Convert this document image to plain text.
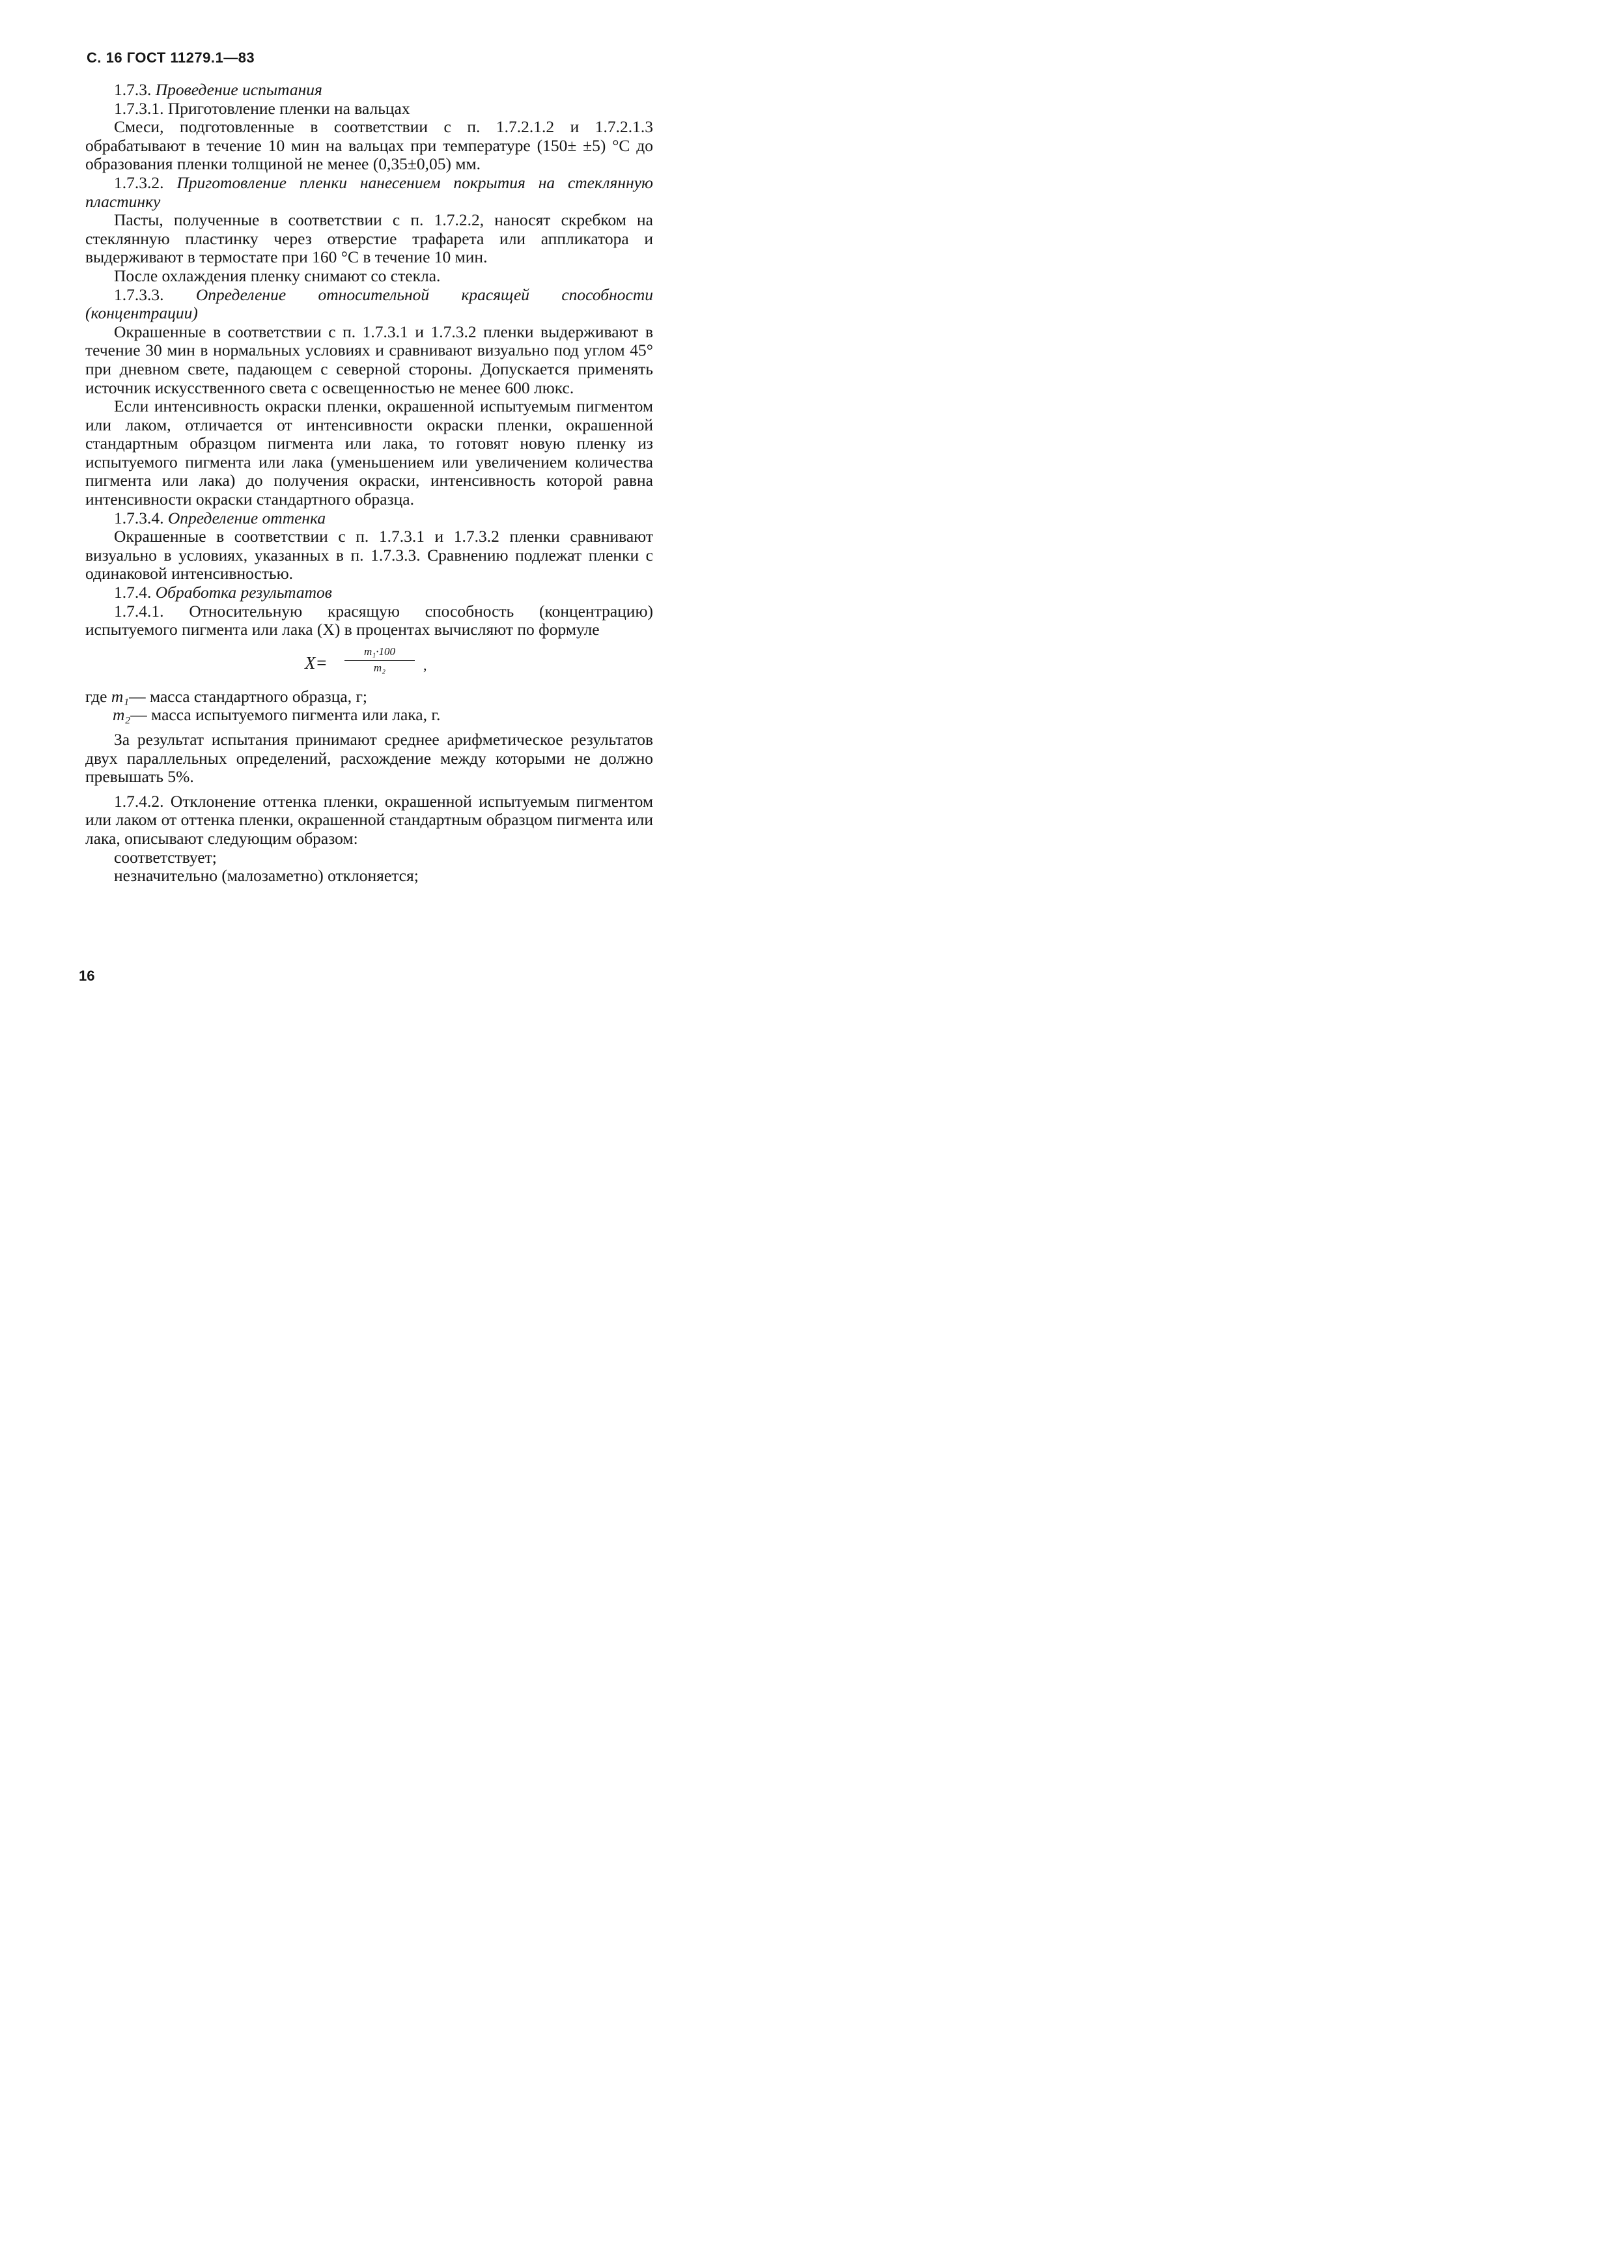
С. 16 ГОСТ 11279.1—83

1.7.3. Проведение испытания

1.7.3.1. Приготовление пленки на вальцах

Смеси, подготовленные в соответствии с п. 1.7.2.1.2 и 1.7.2.1.3 обрабатывают в течение 10 мин на вальцах при температуре (150± ±5) °С до образования пленки толщиной не менее (0,35±0,05) мм.

1.7.3.2. Приготовление пленки нанесением покрытия на стеклянную пластинку

Пасты, полученные в соответствии с п. 1.7.2.2, наносят скребком на стеклянную пластинку через отверстие трафарета или аппликатора и выдерживают в термостате при 160 °С в течение 10 мин.

После охлаждения пленку снимают со стекла.

1.7.3.3. Определение относительной красящей способности (концентрации)

Окрашенные в соответствии с п. 1.7.3.1 и 1.7.3.2 пленки выдерживают в течение 30 мин в нормальных условиях и сравнивают визуально под углом 45° при дневном свете, падающем с северной стороны. Допускается применять источник искусственного света с освещенностью не менее 600 люкс.

Если интенсивность окраски пленки, окрашенной испытуемым пигментом или лаком, отличается от интенсивности окраски пленки, окрашенной стандартным образцом пигмента или лака, то готовят новую пленку из испытуемого пигмента или лака (уменьшением или увеличением количества пигмента или лака) до получения окраски, интенсивность которой равна интенсивности окраски стандартного образца.

1.7.3.4. Определение оттенка

Окрашенные в соответствии с п. 1.7.3.1 и 1.7.3.2 пленки сравнивают визуально в условиях, указанных в п. 1.7.3.3. Сравнению подлежат пленки с одинаковой интенсивностью.

1.7.4. Обработка результатов

1.7.4.1. Относительную красящую способность (концентрацию) испытуемого пигмента или лака (X) в процентах вычисляют по формуле

$X= \frac{\text{m₁·100}}{\text{m₂}}$ ,

где m₁— масса стандартного образца, г;

m₂— масса испытуемого пигмента или лака, г.

За результат испытания принимают среднее арифметическое результатов двух параллельных определений, расхождение между которыми не должно превышать 5%.

1.7.4.2. Отклонение оттенка пленки, окрашенной испытуемым пигментом или лаком от оттенка пленки, окрашенной стандартным образцом пигмента или лака, описывают следующим образом:

соответствует;

незначительно (малозаметно) отклоняется;

16
